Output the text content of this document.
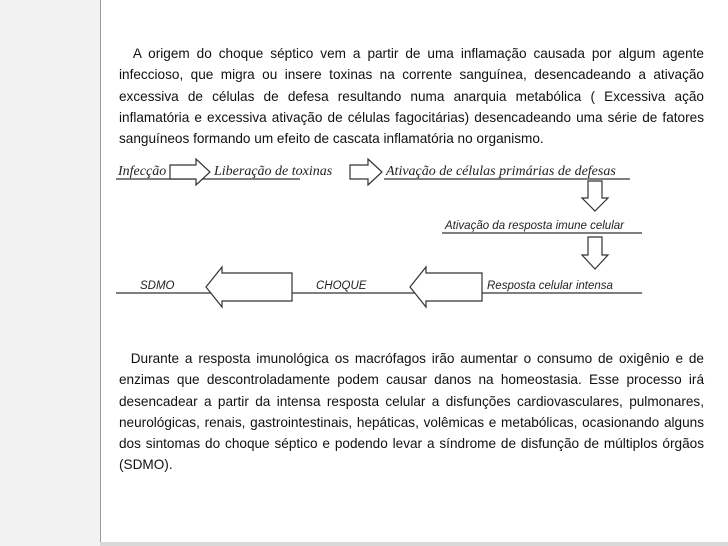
A origem do choque séptico vem a partir de uma inflamação causada por algum agente infeccioso, que migra ou insere toxinas na corrente sanguínea, desencadeando a ativação excessiva de células de defesa resultando numa anarquia metabólica ( Excessiva ação inflamatória e excessiva ativação de células fagocitárias) desencadeando uma série de fatores sanguíneos formando um efeito de cascata inflamatória no organismo.

Infecção	Liberação de toxinas	Ativação de células primárias de defesas
Ativação da resposta imune celular
SDMO	CHOQUE	Resposta celular intensa

Durante a resposta imunológica os macrófagos irão aumentar o consumo de oxigênio e de enzimas que descontroladamente podem causar danos na homeostasia. Esse processo irá desencadear a partir da intensa resposta celular a disfunções cardiovasculares, pulmonares, neurológicas, renais, gastrointestinais, hepáticas, volêmicas e metabólicas, ocasionando alguns dos sintomas do choque séptico e podendo levar a síndrome de disfunção de múltiplos órgãos (SDMO).
